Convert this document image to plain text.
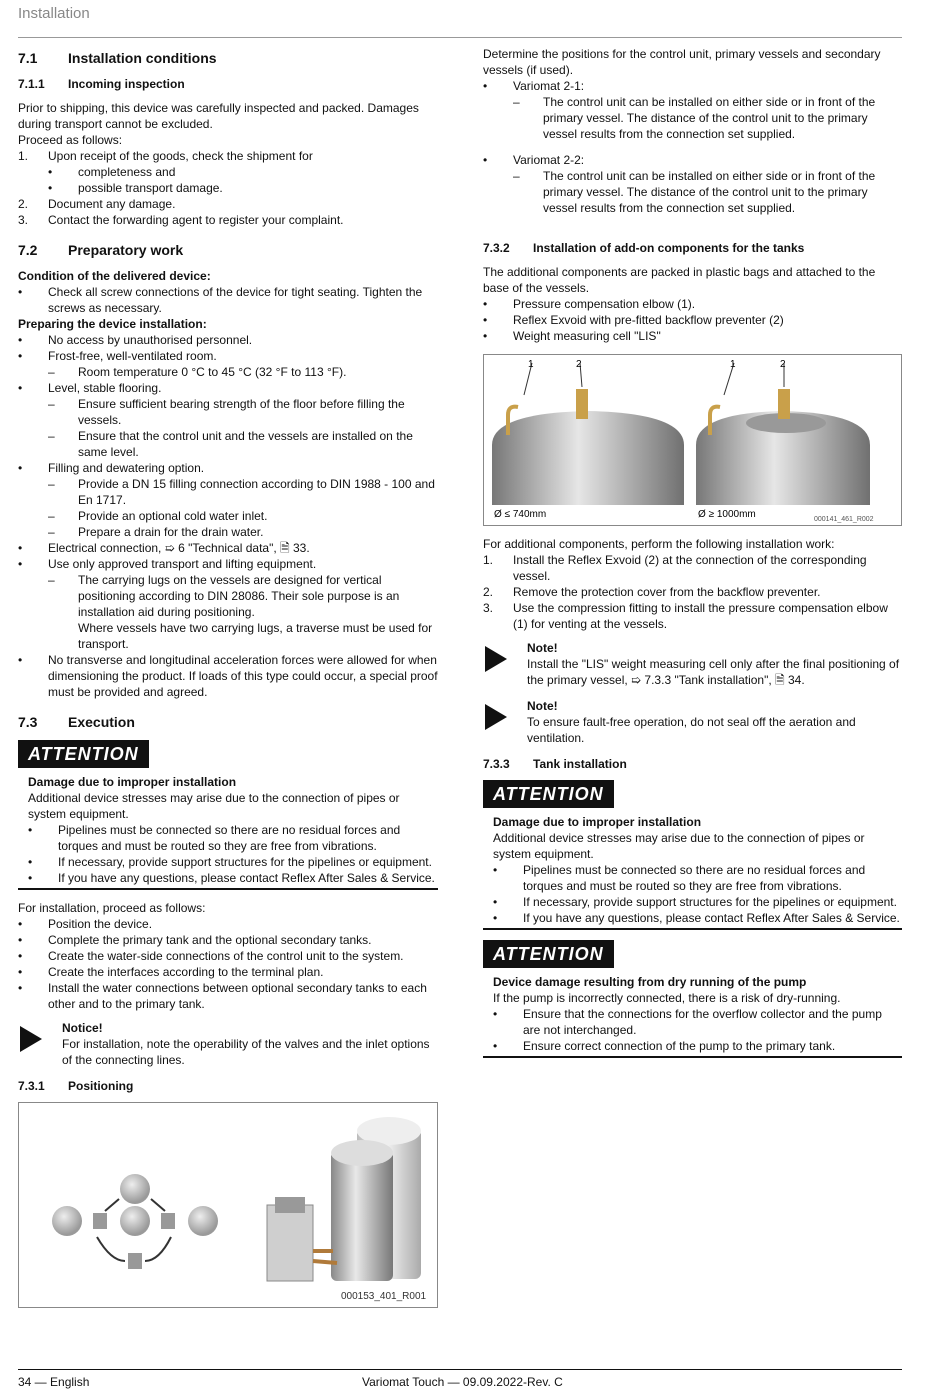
Installation
7.1	Installation conditions
7.1.1	Incoming inspection

Prior to shipping, this device was carefully inspected and packed. Damages during transport cannot be excluded.

Proceed as follows:

1.	Upon receipt of the goods, check the shipment for
•	completeness and
•	possible transport damage.
2.	Document any damage.
3.	Contact the forwarding agent to register your complaint.
7.2	Preparatory work

Condition of the delivered device:

•	Check all screw connections of the device for tight seating. Tighten the screws as necessary.

Preparing the device installation:

•	No access by unauthorised personnel.
•	Frost-free, well-ventilated room.
–	Room temperature 0 °C to 45 °C (32 °F to 113 °F).
•	Level, stable flooring.
–	Ensure sufficient bearing strength of the floor before filling the vessels.
–	Ensure that the control unit and the vessels are installed on the same level.
•	Filling and dewatering option.
–	Provide a DN 15 filling connection according to DIN 1988 - 100 and En 1717.
–	Provide an optional cold water inlet.
–	Prepare a drain for the drain water.
•	Electrical connection, ➯ 6 "Technical data", 🗎 33.
•	Use only approved transport and lifting equipment.
–	The carrying lugs on the vessels are designed for vertical positioning according to DIN 28086. Their sole purpose is an installation aid during positioning.
Where vessels have two carrying lugs, a traverse must be used for transport.
•	No transverse and longitudinal acceleration forces were allowed for when dimensioning the product. If loads of this type could occur, a special proof must be provided and agreed.
7.3	Execution
ATTENTION

Damage due to improper installation

Additional device stresses may arise due to the connection of pipes or system equipment.

•	Pipelines must be connected so there are no residual forces and torques and must be routed so they are free from vibrations.
•	If necessary, provide support structures for the pipelines or equipment.
•	If you have any questions, please contact Reflex After Sales & Service.

For installation, proceed as follows:

•	Position the device.
•	Complete the primary tank and the optional secondary tanks.
•	Create the water-side connections of the control unit to the system.
•	Create the interfaces according to the terminal plan.
•	Install the water connections between optional secondary tanks to each other and to the primary tank.

Notice!

For installation, note the operability of the valves and the inlet options of the connecting lines.

7.3.1	Positioning
000153_401_R001

Determine the positions for the control unit, primary vessels and secondary vessels (if used).

•	Variomat 2-1:
–	The control unit can be installed on either side or in front of the primary vessel. The distance of the control unit to the primary vessel results from the connection set supplied.
•	Variomat 2-2:
–	The control unit can be installed on either side or in front of the primary vessel. The distance of the control unit to the primary vessel results from the connection set supplied.
7.3.2	Installation of add-on components for the tanks

The additional components are packed in plastic bags and attached to the base of the vessels.

•	Pressure compensation elbow (1).
•	Reflex Exvoid with pre-fitted backflow preventer (2)
•	Weight measuring cell "LIS"
1	2	1	2
Ø ≤ 740mm	Ø ≥ 1000mm	000141_461_R002

For additional components, perform the following installation work:

1.	Install the Reflex Exvoid (2) at the connection of the corresponding vessel.
2.	Remove the protection cover from the backflow preventer.
3.	Use the compression fitting to install the pressure compensation elbow (1) for venting at the vessels.

Note!

Install the "LIS" weight measuring cell only after the final positioning of the primary vessel, ➯ 7.3.3 "Tank installation", 🗎 34.

Note!

To ensure fault-free operation, do not seal off the aeration and ventilation.

7.3.3	Tank installation
ATTENTION

Damage due to improper installation

Additional device stresses may arise due to the connection of pipes or system equipment.

•	Pipelines must be connected so there are no residual forces and torques and must be routed so they are free from vibrations.
•	If necessary, provide support structures for the pipelines or equipment.
•	If you have any questions, please contact Reflex After Sales & Service.
ATTENTION

Device damage resulting from dry running of the pump

If the pump is incorrectly connected, there is a risk of dry-running.

•	Ensure that the connections for the overflow collector and the pump are not interchanged.
•	Ensure correct connection of the pump to the primary tank.
34 — English	Variomat Touch — 09.09.2022-Rev. C
